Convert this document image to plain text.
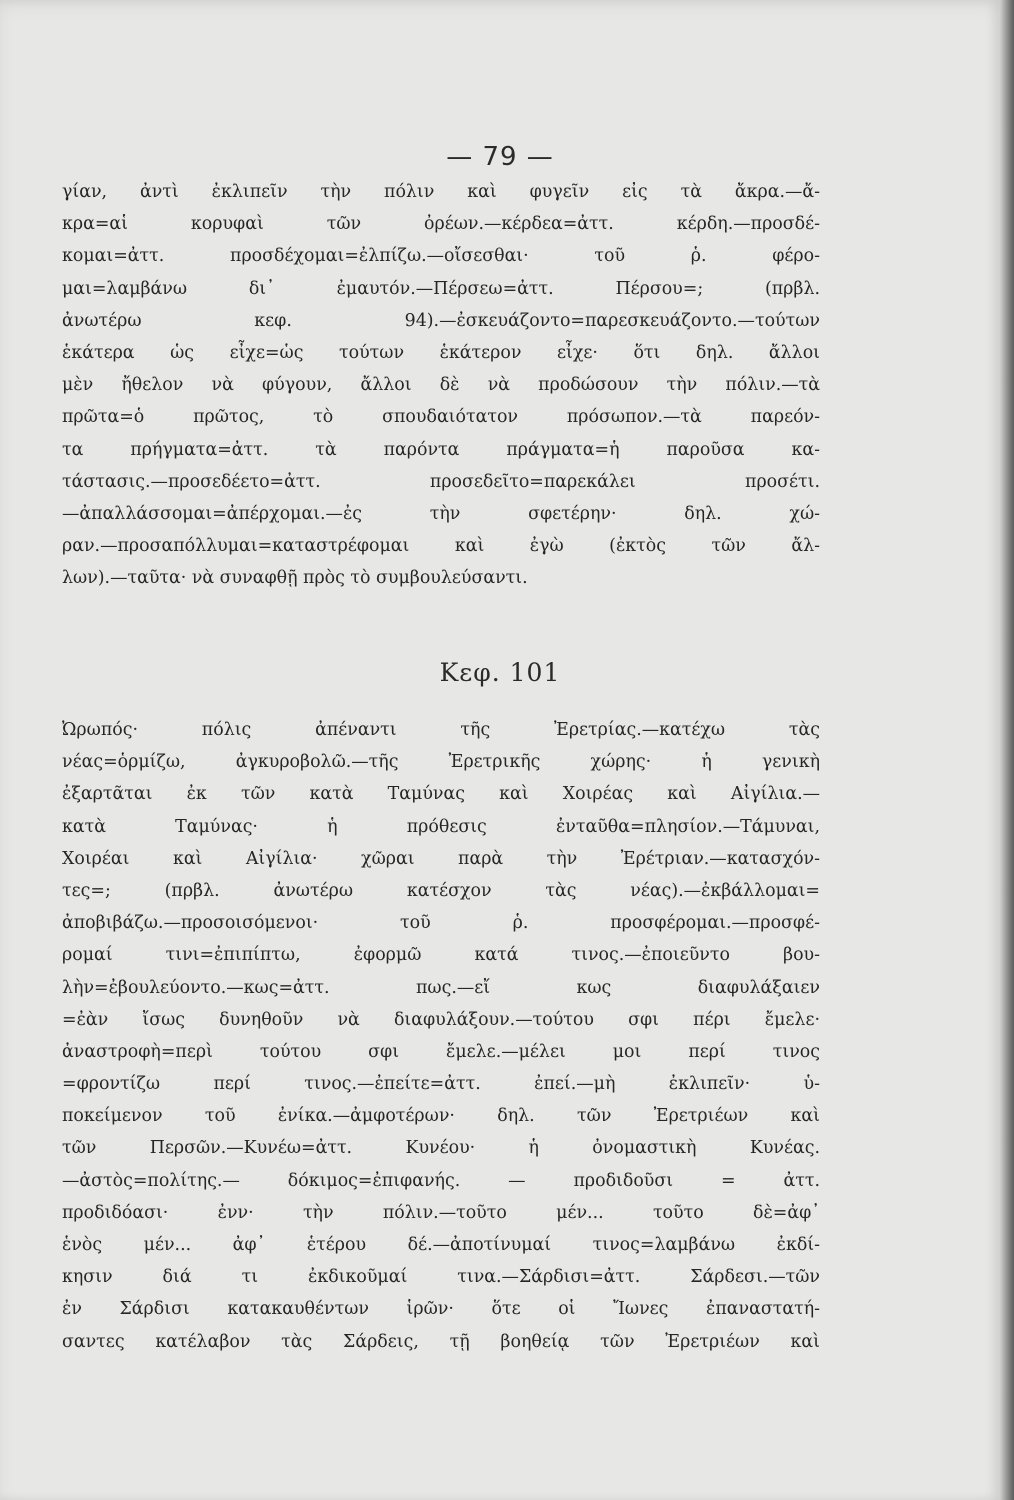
— 79 —
γίαν, ἀντὶ ἐκλιπεῖν τὴν πόλιν καὶ φυγεῖν εἰς τὰ ἄκρα.—ἄ-
κρα=αἱ κορυφαὶ τῶν ὀρέων.—κέρδεα=ἀττ. κέρδη.—προσδέ-
κομαι=ἀττ. προσδέχομαι=ἐλπίζω.—οἴσεσθαι· τοῦ ῥ. φέρο-
μαι=λαμβάνω δι᾽ ἐμαυτόν.—Πέρσεω=ἀττ. Πέρσου=; (πρβλ.
ἀνωτέρω κεφ. 94).—ἐσκευάζοντο=παρεσκευάζοντο.—τούτων
ἑκάτερα ὡς εἶχε=ὡς τούτων ἑκάτερον εἶχε· ὅτι δηλ. ἄλλοι
μὲν ἤθελον νὰ φύγουν, ἄλλοι δὲ νὰ προδώσουν τὴν πόλιν.—τὰ
πρῶτα=ὁ πρῶτος, τὸ σπουδαιότατον πρόσωπον.—τὰ παρεόν-
τα πρήγματα=ἀττ. τὰ παρόντα πράγματα=ἡ παροῦσα κα-
τάστασις.—προσεδέετο=ἀττ. προσεδεῖτο=παρεκάλει προσέτι.
—ἀπαλλάσσομαι=ἀπέρχομαι.—ἐς τὴν σφετέρην· δηλ. χώ-
ραν.—προσαπόλλυμαι=καταστρέφομαι καὶ ἐγὼ (ἐκτὸς τῶν ἄλ-
λων).—ταῦτα· νὰ συναφθῇ πρὸς τὸ συμβουλεύσαντι.
Κεφ. 101
Ὠρωπός· πόλις ἀπέναντι τῆς Ἐρετρίας.—κατέχω τὰς
νέας=ὁρμίζω, ἀγκυροβολῶ.—τῆς Ἐρετρικῆς χώρης· ἡ γενικὴ
ἐξαρτᾶται ἐκ τῶν κατὰ Ταμύνας καὶ Χοιρέας καὶ Αἰγίλια.—
κατὰ Ταμύνας· ἡ πρόθεσις ἐνταῦθα=πλησίον.—Τάμυναι,
Χοιρέαι καὶ Αἰγίλια· χῶραι παρὰ τὴν Ἐρέτριαν.—κατασχόν-
τες=; (πρβλ. ἀνωτέρω κατέσχον τὰς νέας).—ἐκβάλλομαι=
ἀποβιβάζω.—προσοισόμενοι· τοῦ ῥ. προσφέρομαι.—προσφέ-
ρομαί τινι=ἐπιπίπτω, ἐφορμῶ κατά τινος.—ἐποιεῦντο βου-
λὴν=ἐβουλεύοντο.—κως=ἀττ. πως.—εἴ κως διαφυλάξαιεν
=ἐὰν ἴσως δυνηθοῦν νὰ διαφυλάξουν.—τούτου σφι πέρι ἔμελε·
ἀναστροφὴ=περὶ τούτου σφι ἔμελε.—μέλει μοι περί τινος
=φροντίζω περί τινος.—ἐπείτε=ἀττ. ἐπεί.—μὴ ἐκλιπεῖν· ὑ-
ποκείμενον τοῦ ἐνίκα.—ἀμφοτέρων· δηλ. τῶν Ἐρετριέων καὶ
τῶν Περσῶν.—Κυνέω=ἀττ. Κυνέου· ἡ ὀνομαστικὴ Κυνέας.
—ἀστὸς=πολίτης.— δόκιμος=ἐπιφανής. — προδιδοῦσι = ἀττ.
προδιδόασι· ἐνν· τὴν πόλιν.—τοῦτο μέν... τοῦτο δὲ=ἀφ᾽
ἑνὸς μέν... ἀφ᾽ ἑτέρου δέ.—ἀποτίνυμαί τινος=λαμβάνω ἐκδί-
κησιν διά τι ἐκδικοῦμαί τινα.—Σάρδισι=ἀττ. Σάρδεσι.—τῶν
ἐν Σάρδισι κατακαυθέντων ἱρῶν· ὅτε οἱ Ἴωνες ἐπαναστατή-
σαντες κατέλαβον τὰς Σάρδεις, τῇ βοηθείᾳ τῶν Ἐρετριέων καὶ
